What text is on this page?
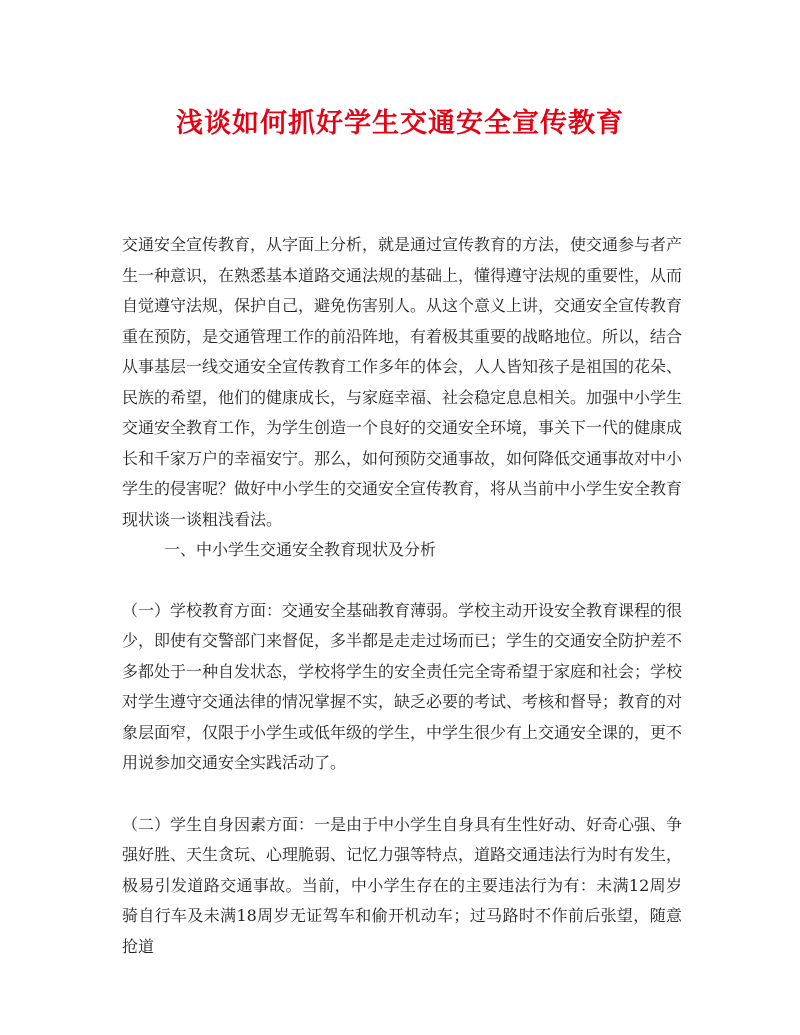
浅谈如何抓好学生交通安全宣传教育

交通安全宣传教育，从字面上分析，就是通过宣传教育的方法，使交通参与者产生一种意识，在熟悉基本道路交通法规的基础上，懂得遵守法规的重要性，从而自觉遵守法规，保护自己，避免伤害别人。从这个意义上讲，交通安全宣传教育重在预防，是交通管理工作的前沿阵地，有着极其重要的战略地位。所以，结合从事基层一线交通安全宣传教育工作多年的体会，人人皆知孩子是祖国的花朵、民族的希望，他们的健康成长，与家庭幸福、社会稳定息息相关。加强中小学生交通安全教育工作，为学生创造一个良好的交通安全环境，事关下一代的健康成长和千家万户的幸福安宁。那么，如何预防交通事故，如何降低交通事故对中小学生的侵害呢？做好中小学生的交通安全宣传教育，将从当前中小学生安全教育现状谈一谈粗浅看法。

一、中小学生交通安全教育现状及分析

（一）学校教育方面：交通安全基础教育薄弱。学校主动开设安全教育课程的很少，即使有交警部门来督促，多半都是走走过场而已；学生的交通安全防护差不多都处于一种自发状态，学校将学生的安全责任完全寄希望于家庭和社会；学校对学生遵守交通法律的情况掌握不实，缺乏必要的考试、考核和督导；教育的对象层面窄，仅限于小学生或低年级的学生，中学生很少有上交通安全课的，更不用说参加交通安全实践活动了。

（二）学生自身因素方面：一是由于中小学生自身具有生性好动、好奇心强、争强好胜、天生贪玩、心理脆弱、记忆力强等特点，道路交通违法行为时有发生，极易引发道路交通事故。当前，中小学生存在的主要违法行为有：未满12周岁骑自行车及未满18周岁无证驾车和偷开机动车；过马路时不作前后张望，随意抢道
